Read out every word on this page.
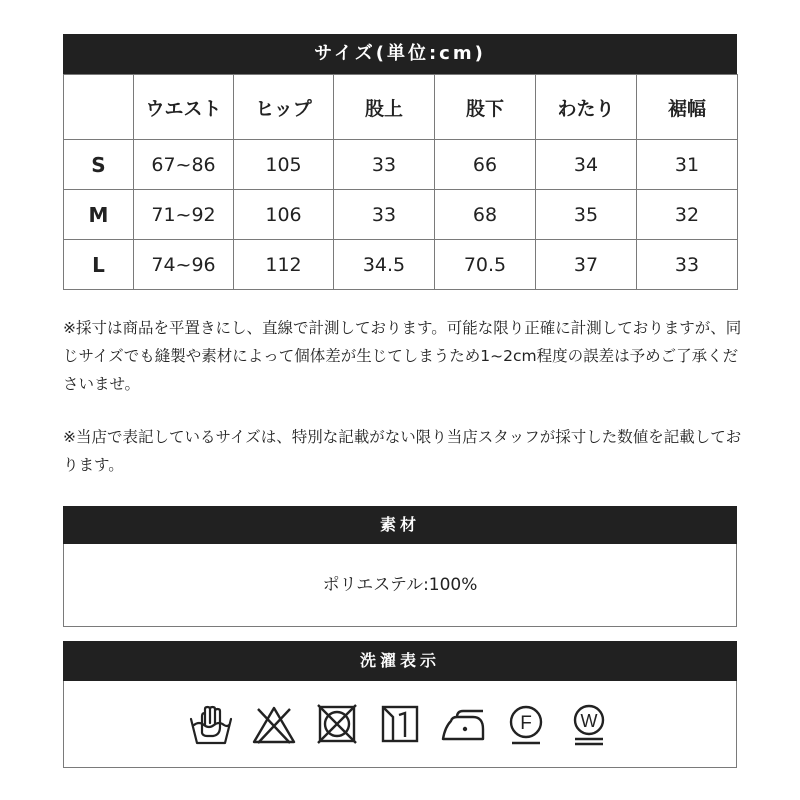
サイズ(単位:cm)
	ウエスト	ヒップ	股上	股下	わたり	裾幅
S	67~86	105	33	66	34	31
M	71~92	106	33	68	35	32
L	74~96	112	34.5	70.5	37	33
※採寸は商品を平置きにし、直線で計測しております。可能な限り正確に計測しておりますが、同じサイズでも縫製や素材によって個体差が生じてしまうため1~2cm程度の誤差は予めご了承くださいませ。
※当店で表記しているサイズは、特別な記載がない限り当店スタッフが採寸した数値を記載しております。
素材
ポリエステル:100%
洗濯表示
F	W
